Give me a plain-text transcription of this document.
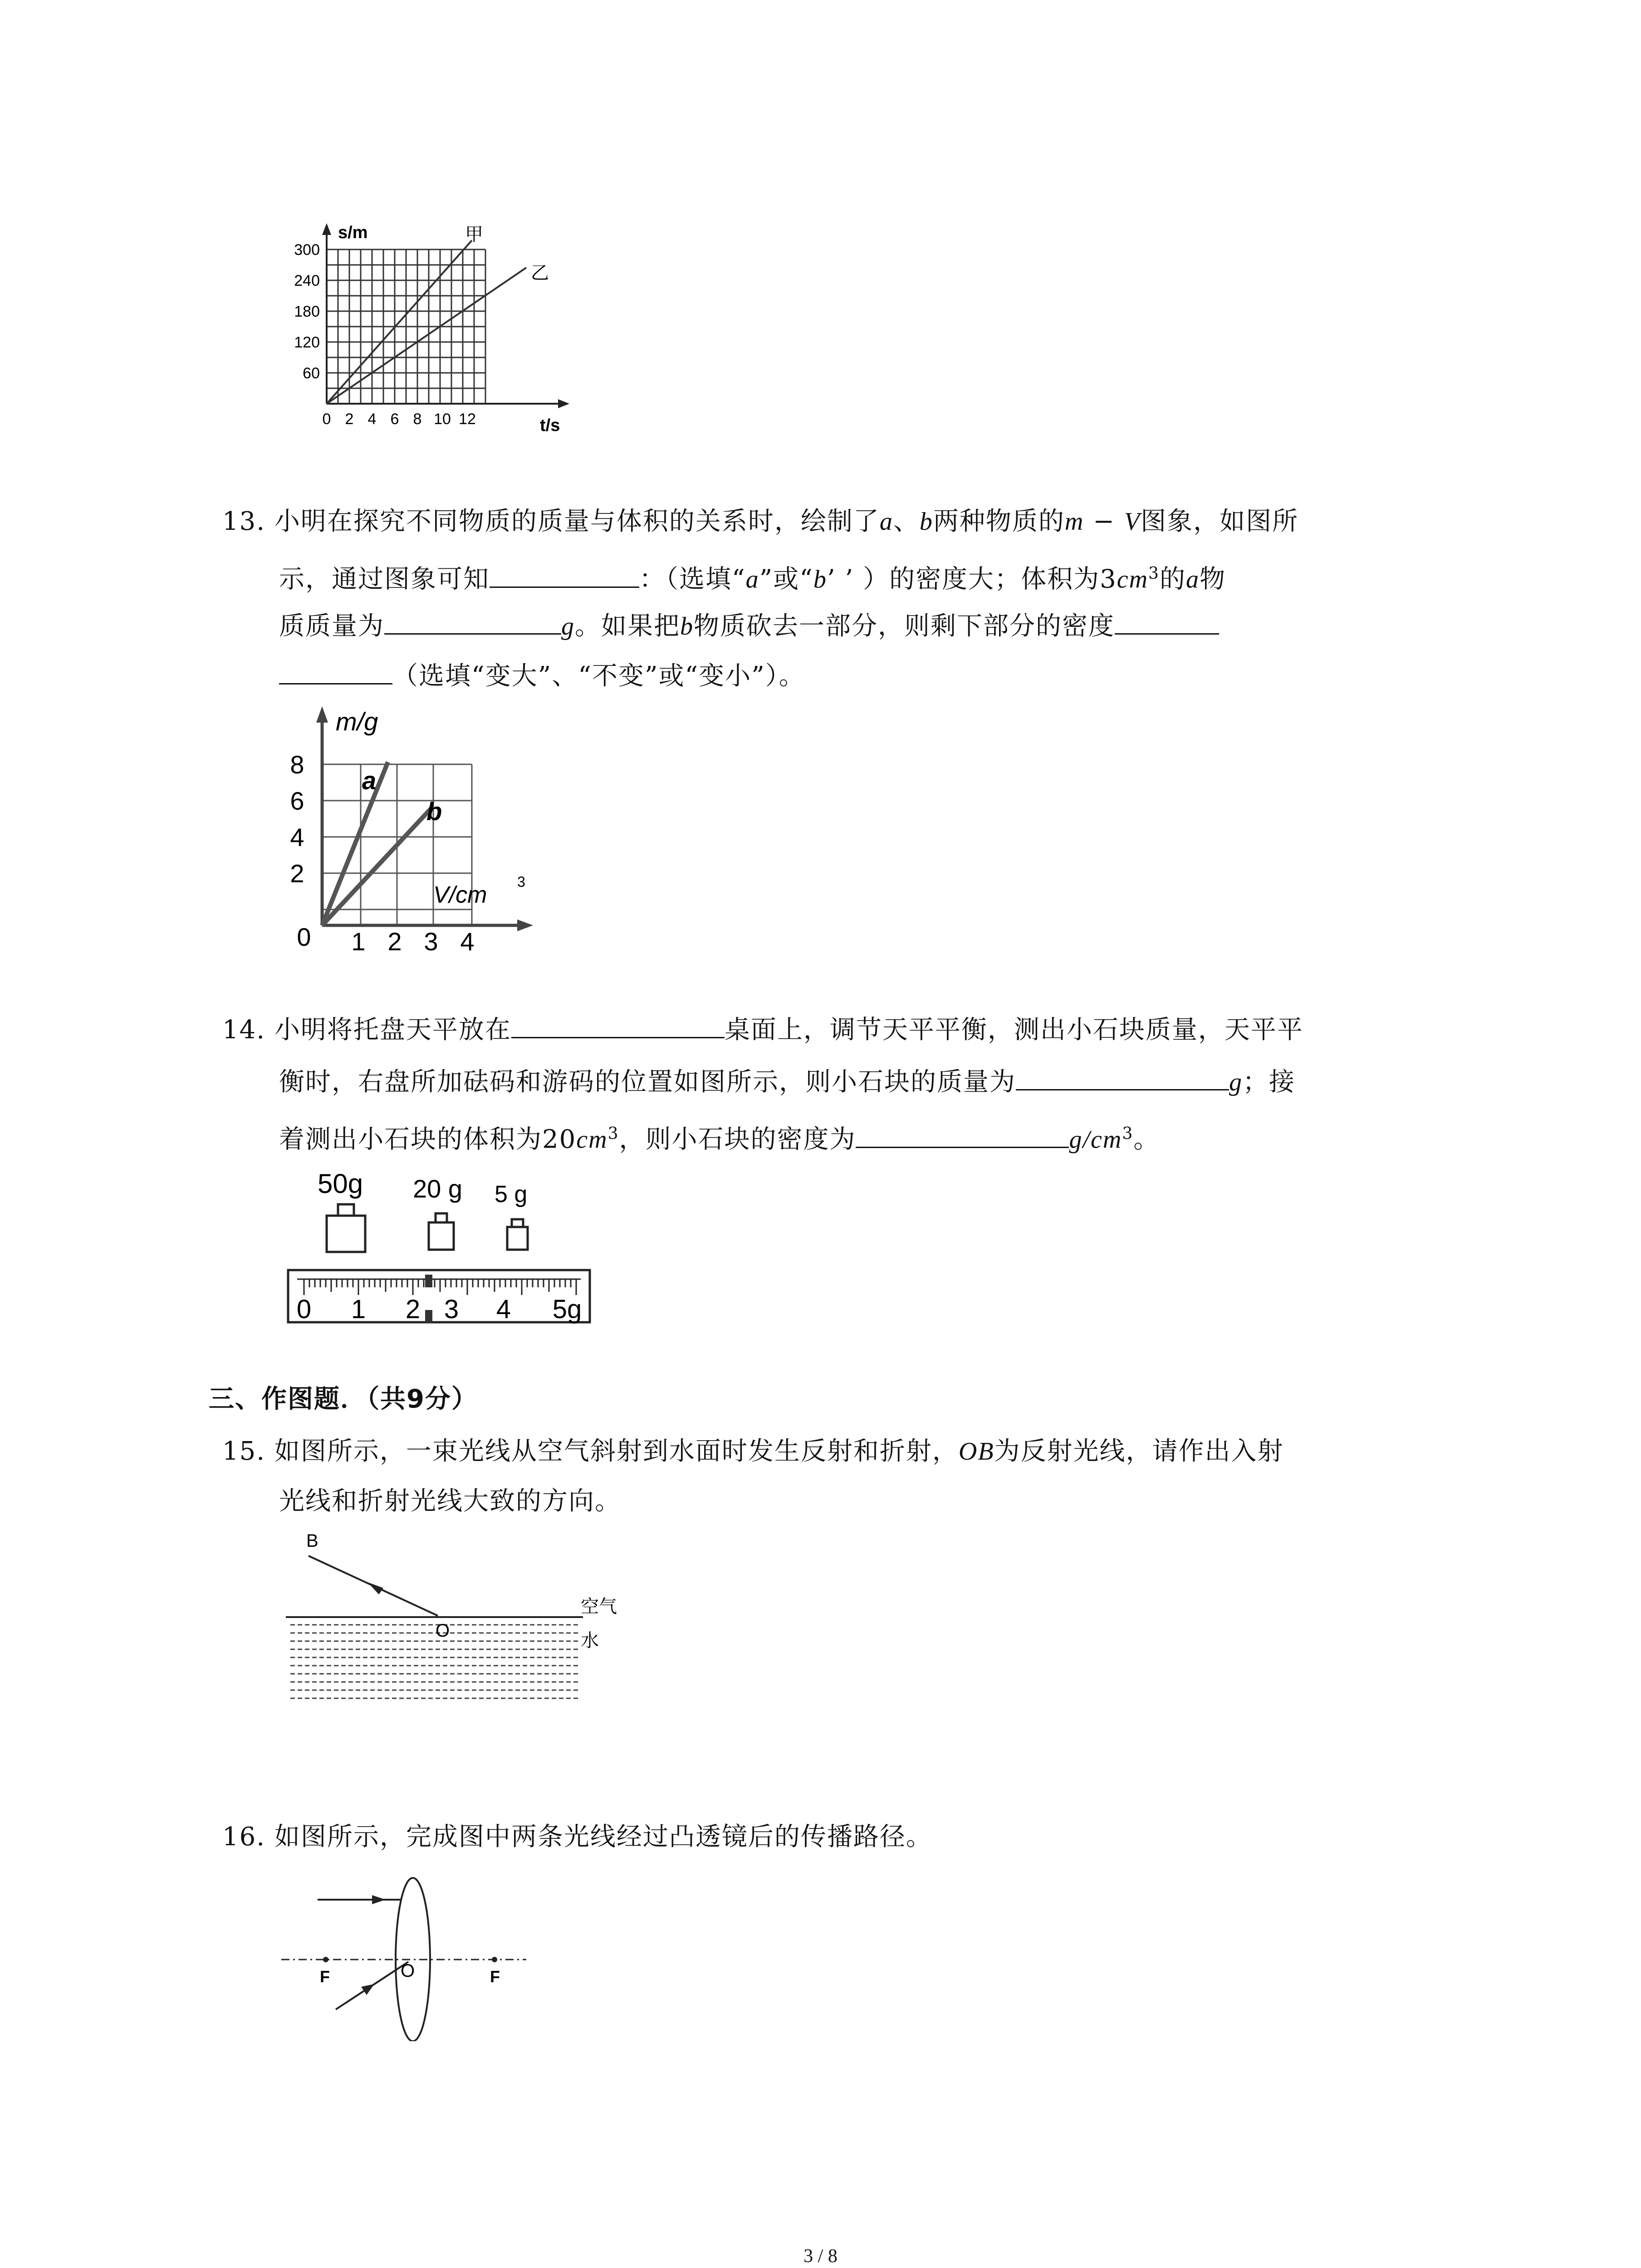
s/m
t/s
甲
乙
300
240
180
120
60
0 2 4 6 8 10 12
13. 小明在探究不同物质的质量与体积的关系时，绘制了a、b两种物质的m − V图象，如图所
示，通过图象可知	：（选填“a”或“b’ ’ ）的密度大；体积为$3cm^3$的a物
质质量为	g。如果把b物质砍去一部分，则剩下部分的密度
（选填“变大”、“不变”或“变小”）。
m/g
V/cm 3
a
b
8
6
4
2
0 1 2 3 4
14. 小明将托盘天平放在	桌面上，调节天平平衡，测出小石块质量，天平平
衡时，右盘所加砝码和游码的位置如图所示，则小石块的质量为	g；接
着测出小石块的体积为$20cm^3$，则小石块的密度为	$g/cm^3$。
50g 20 g 5 g
0 1 2 3 4 5g
三、作图题．（共9分）
15. 如图所示，一束光线从空气斜射到水面时发生反射和折射，OB为反射光线，请作出入射
光线和折射光线大致的方向。
B
O
空气
水
16. 如图所示，完成图中两条光线经过凸透镜后的传播路径。
F	F
O
3 / 8
